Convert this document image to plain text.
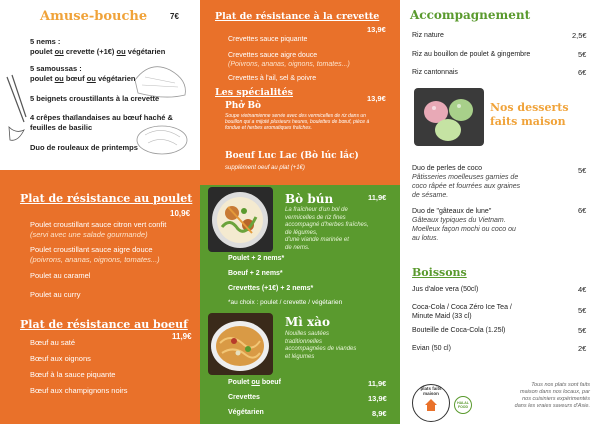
Amuse-bouche	7€
5 nems :
poulet ou crevette (+1€) ou végétarien
5 samoussas :
poulet ou bœuf ou végétarien
5 beignets croustillants à la crevette
4 crêpes thaïlandaises au bœuf haché &
feuilles de basilic
Duo de rouleaux de printemps
Plat de résistance au poulet
10,9€
Poulet croustillant sauce citron vert confit
(servi avec une salade gourmande)
Poulet croustillant sauce aigre douce
(poivrons, ananas, oignons, tomates...)
Poulet au caramel
Poulet au curry
Plat de résistance au boeuf
11,9€
Bœuf au saté
Bœuf aux oignons
Bœuf à la sauce piquante
Bœuf aux champignons noirs
Plat de résistance à la crevette
13,9€
Crevettes sauce piquante
Crevettes sauce aigre douce
(Poivrons, ananas, oignons, tomates...)
Crevettes à l'ail, sel & poivre
Les spécialités
Phở Bò
13,9€
Soupe vietnamienne servie avec des vermicelles de riz dans un bouillon qui a mijoté plusieurs heures, boulettes de bœuf, pièce à fondue et herbes aromatiques fraîches.
Boeuf Luc Lac (Bò lúc lắc)
supplément oeuf au plat (+1€)
Bò bún	11,9€
La fraîcheur d'un bol de
vermicelles de riz fines
accompagné d'herbes fraîches,
de légumes,
d'une viande marinée et
de nems.
Poulet + 2 nems*
Boeuf + 2 nems*
Crevettes (+1€) + 2 nems*
*au choix : poulet / crevette / végétarien
Mì xào
Nouilles sautées
traditionnelles
accompagnées de viandes
et légumes
Poulet ou boeuf	11,9€
Crevettes	13,9€
Végétarien	8,9€
Accompagnement
Riz nature	2,5€
Riz au bouillon de poulet & gingembre	5€
Riz cantonnais	6€
Nos desserts
faits maison
Duo de perles de coco
Pâtisseries moelleuses garnies de
coco râpée et fourrées aux graines
de sésame.
5€
Duo de "gâteaux de lune"
Gâteaux typiques du Vietnam.
Moelleux façon mochi ou coco ou
au lotus.
6€
Boissons
Jus d'aloe vera (50cl)	4€
Coca-Cola / Coca Zéro Ice Tea /
Minute Maid (33 cl)
5€
Bouteille de Coca-Cola (1.25l)	5€
Evian (50 cl)	2€
plats faits maison
HALAL FOOD
Tous nos plats sont faits
maison dans nos locaux, par
nos cuisiniers expérimentés
dans les vraies saveurs d'Asie.
